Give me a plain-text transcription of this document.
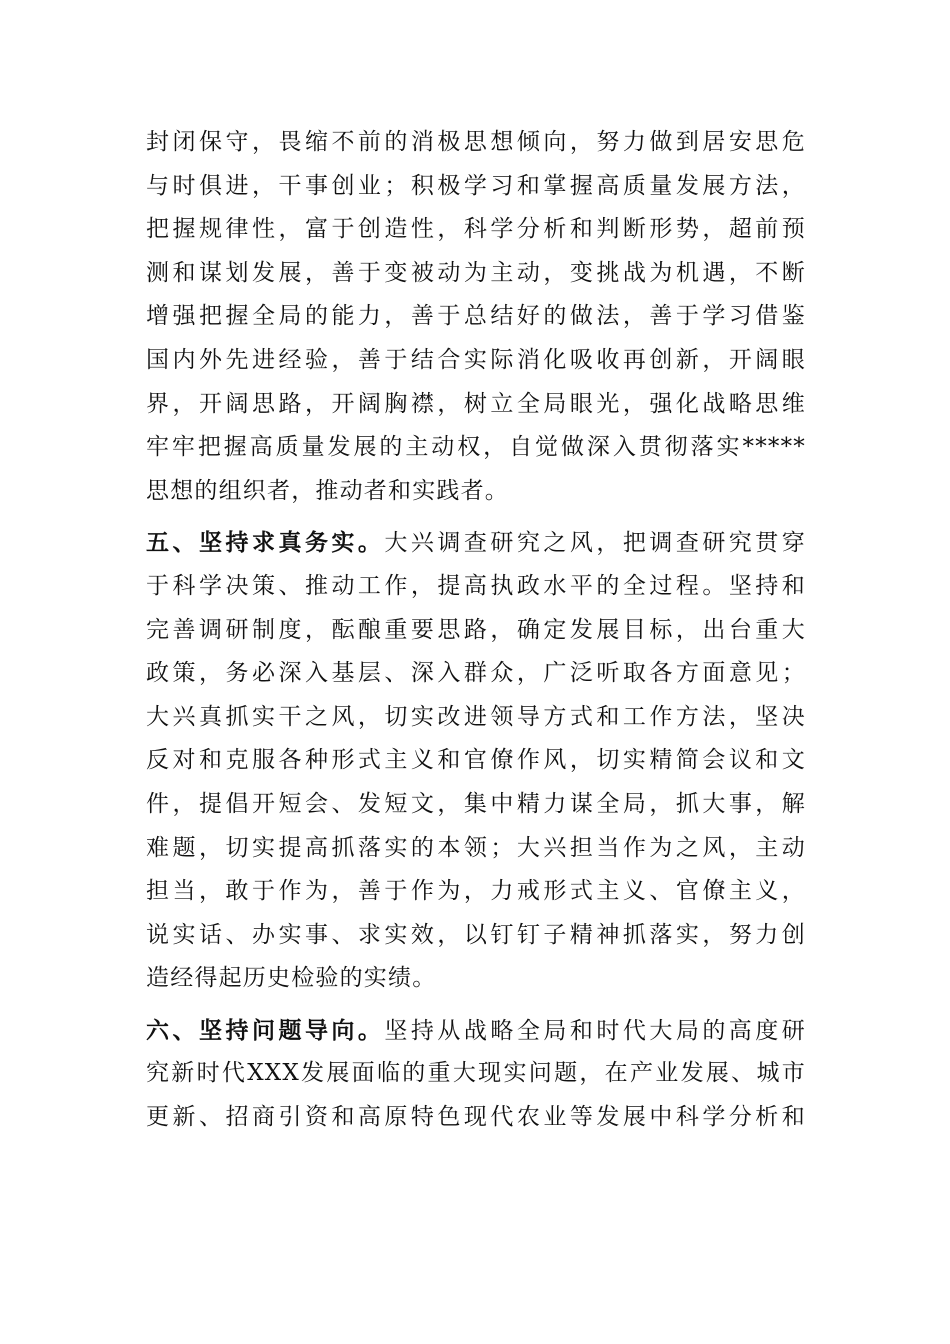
封闭保守，畏缩不前的消极思想倾向，努力做到居安思危
与时俱进，干事创业；积极学习和掌握高质量发展方法，
把握规律性，富于创造性，科学分析和判断形势，超前预
测和谋划发展，善于变被动为主动，变挑战为机遇，不断
增强把握全局的能力，善于总结好的做法，善于学习借鉴
国内外先进经验，善于结合实际消化吸收再创新，开阔眼
界，开阔思路，开阔胸襟，树立全局眼光，强化战略思维
牢牢把握高质量发展的主动权，自觉做深入贯彻落实*****
思想的组织者，推动者和实践者。
五、坚持求真务实。大兴调查研究之风，把调查研究贯穿
于科学决策、推动工作，提高执政水平的全过程。坚持和
完善调研制度，酝酿重要思路，确定发展目标，出台重大
政策，务必深入基层、深入群众，广泛听取各方面意见；
大兴真抓实干之风，切实改进领导方式和工作方法，坚决
反对和克服各种形式主义和官僚作风，切实精简会议和文
件，提倡开短会、发短文，集中精力谋全局，抓大事，解
难题，切实提高抓落实的本领；大兴担当作为之风，主动
担当，敢于作为，善于作为，力戒形式主义、官僚主义，
说实话、办实事、求实效，以钉钉子精神抓落实，努力创
造经得起历史检验的实绩。
六、坚持问题导向。坚持从战略全局和时代大局的高度研
究新时代XXX发展面临的重大现实问题，在产业发展、城市
更新、招商引资和高原特色现代农业等发展中科学分析和
